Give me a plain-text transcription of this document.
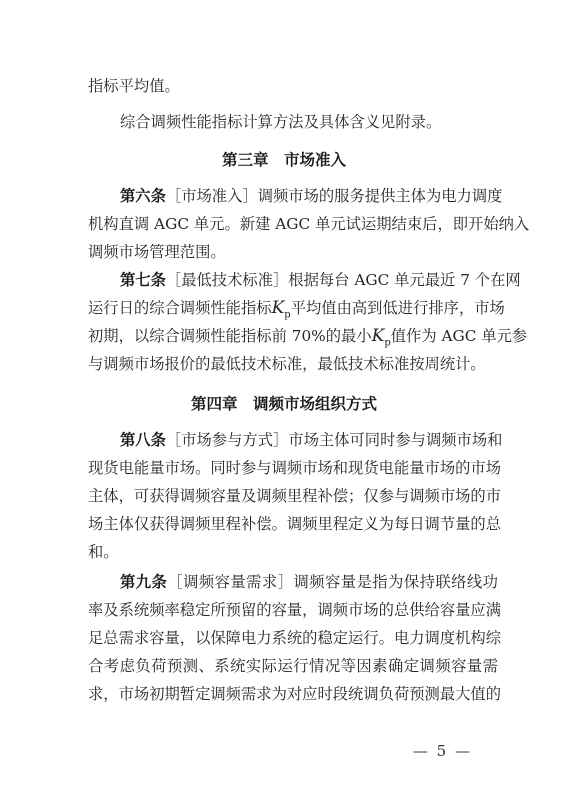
指标平均值。
综合调频性能指标计算方法及具体含义见附录。
第三章　市场准入
第六条［市场准入］调频市场的服务提供主体为电力调度
机构直调 AGC 单元。新建 AGC 单元试运期结束后，即开始纳入
调频市场管理范围。
第七条［最低技术标准］根据每台 AGC 单元最近 7 个在网
运行日的综合调频性能指标$K_p$平均值由高到低进行排序，市场
初期，以综合调频性能指标前 70%的最小$K_p$值作为 AGC 单元参
与调频市场报价的最低技术标准，最低技术标准按周统计。
第四章　调频市场组织方式
第八条［市场参与方式］市场主体可同时参与调频市场和
现货电能量市场。同时参与调频市场和现货电能量市场的市场
主体，可获得调频容量及调频里程补偿；仅参与调频市场的市
场主体仅获得调频里程补偿。调频里程定义为每日调节量的总
和。
第九条［调频容量需求］调频容量是指为保持联络线功
率及系统频率稳定所预留的容量，调频市场的总供给容量应满
足总需求容量，以保障电力系统的稳定运行。电力调度机构综
合考虑负荷预测、系统实际运行情况等因素确定调频容量需
求，市场初期暂定调频需求为对应时段统调负荷预测最大值的
— 5 —
